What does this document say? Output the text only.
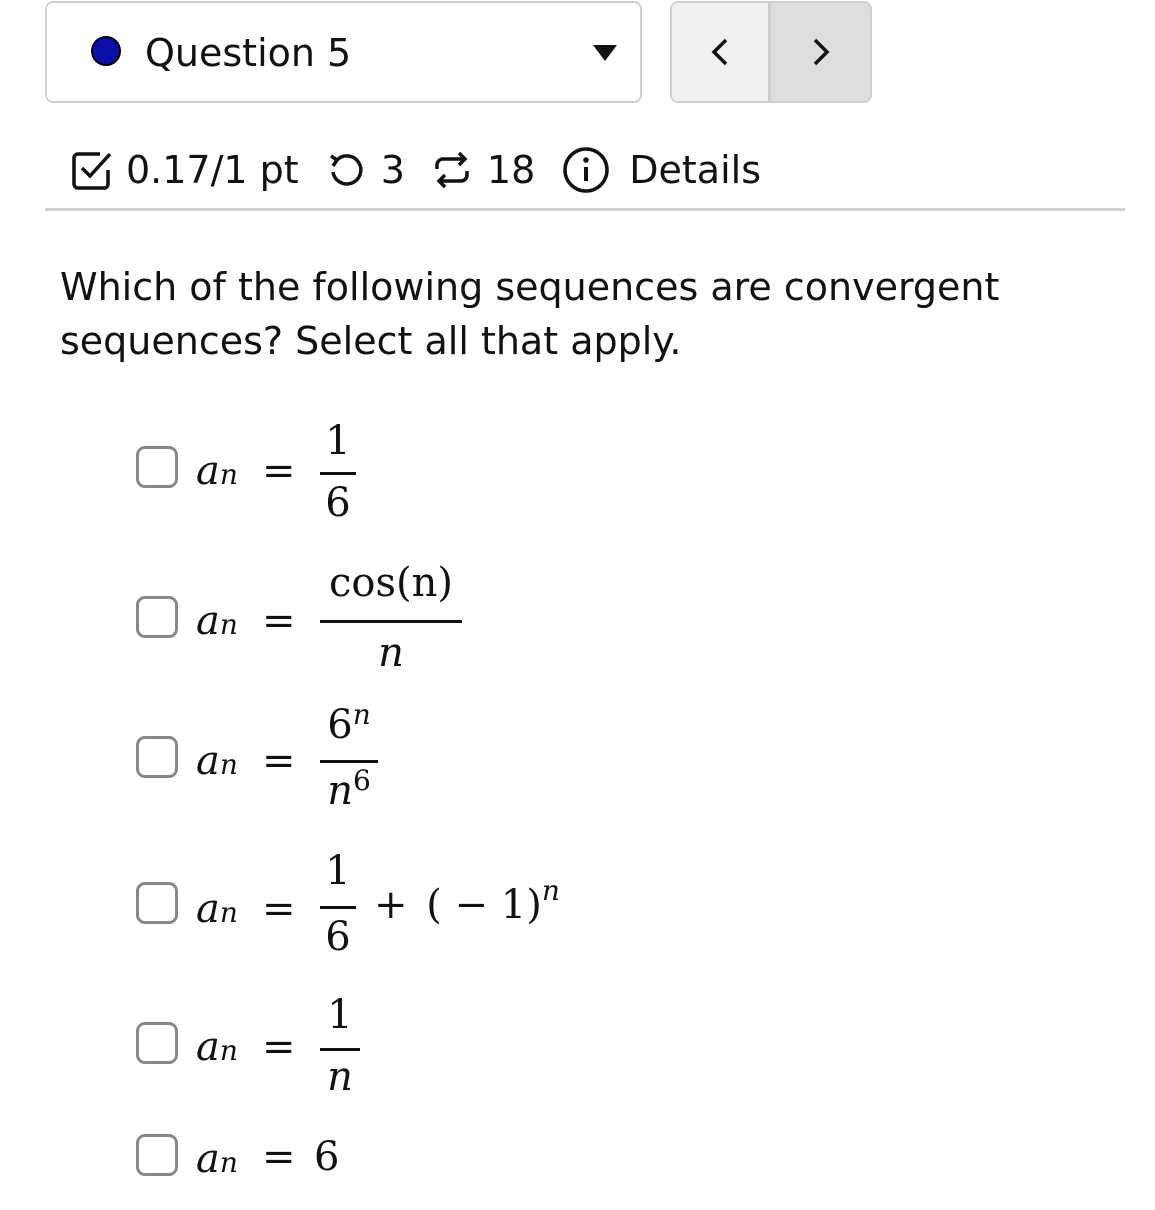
Question 5
0.17/1 pt 3 18 Details
Which of the following sequences are convergent
sequences? Select all that apply.
an =
1
6
an =
cos(n)
n
an =
$6^n$
$n^6$
an =
1
6
+ ( − 1)$^n$
an =
1
n
an = 6
